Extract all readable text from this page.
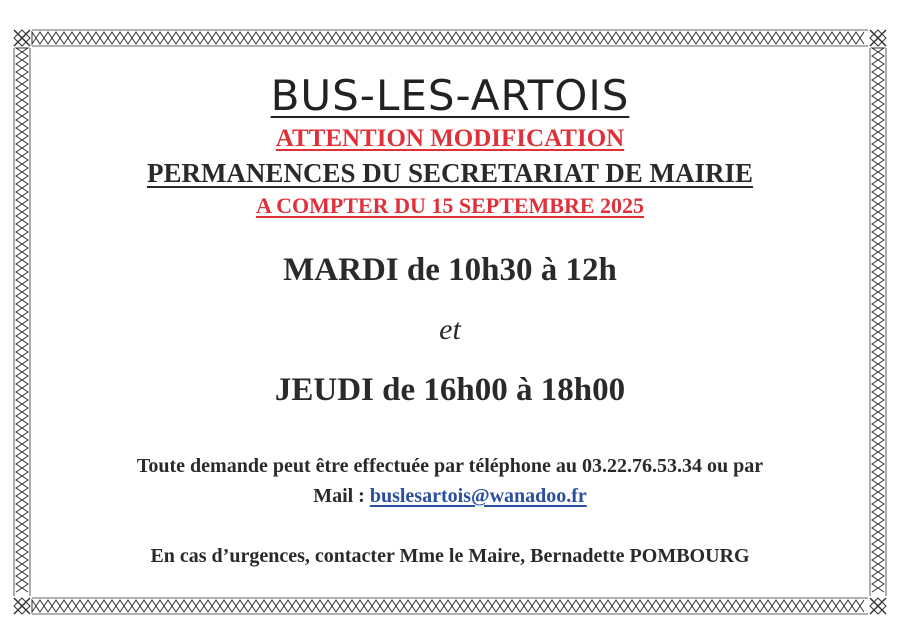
BUS-LES-ARTOIS
ATTENTION MODIFICATION
PERMANENCES DU SECRETARIAT DE MAIRIE
A COMPTER DU 15 SEPTEMBRE 2025
MARDI de 10h30 à 12h
et
JEUDI de 16h00 à 18h00
Toute demande peut être effectuée par téléphone au 03.22.76.53.34 ou par
Mail : buslesartois@wanadoo.fr
En cas d’urgences, contacter Mme le Maire, Bernadette POMBOURG
